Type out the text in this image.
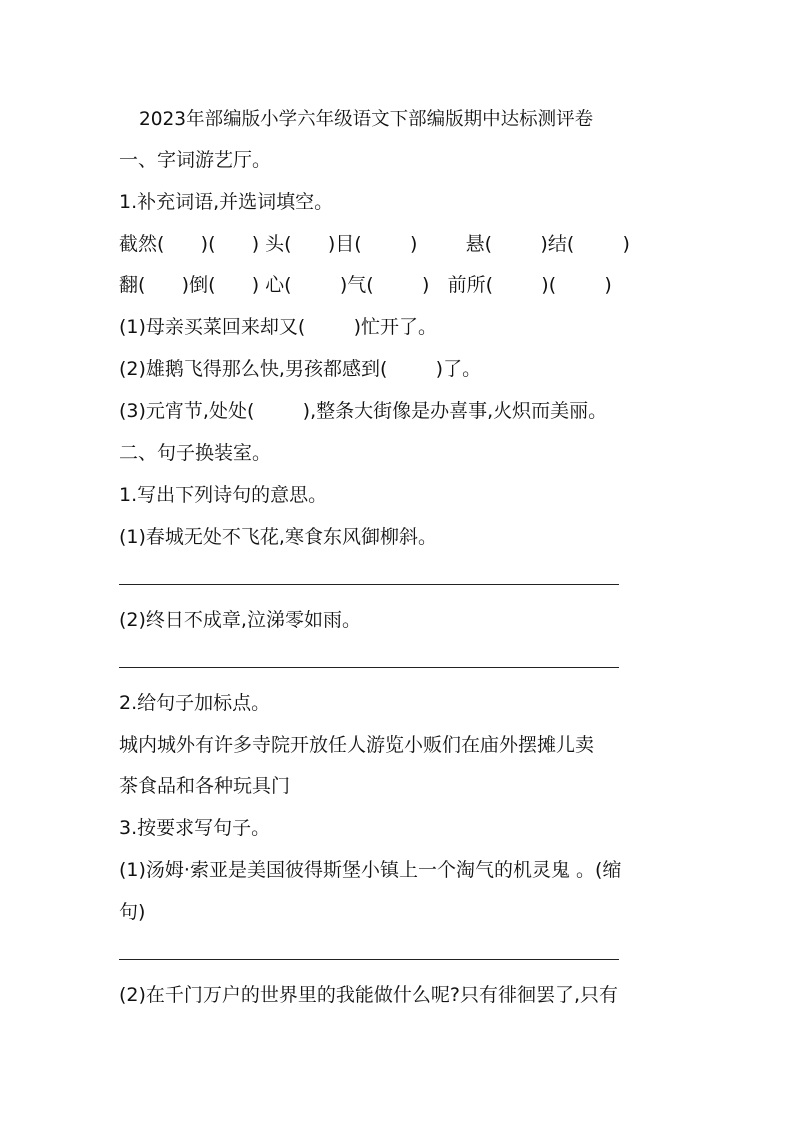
2023年部编版小学六年级语文下部编版期中达标测评卷
一、字词游艺厅。
1.补充词语,并选词填空。
截然(      )(      ) 头(      )目(        )        悬(        )结(        )
翻(      )倒(      ) 心(        )气(        )   前所(        )(        )
(1)母亲买菜回来却又(        )忙开了。
(2)雄鹅飞得那么快,男孩都感到(        )了。
(3)元宵节,处处(        ),整条大街像是办喜事,火炽而美丽。
二、句子换装室。
1.写出下列诗句的意思。
(1)春城无处不飞花,寒食东风御柳斜。
(2)终日不成章,泣涕零如雨。
2.给句子加标点。
城内城外有许多寺院开放任人游览小贩们在庙外摆摊儿卖
茶食品和各种玩具门
3.按要求写句子。
(1)汤姆·索亚是美国彼得斯堡小镇上一个淘气的机灵鬼 。(缩
句)
(2)在千门万户的世界里的我能做什么呢?只有徘徊罢了,只有
